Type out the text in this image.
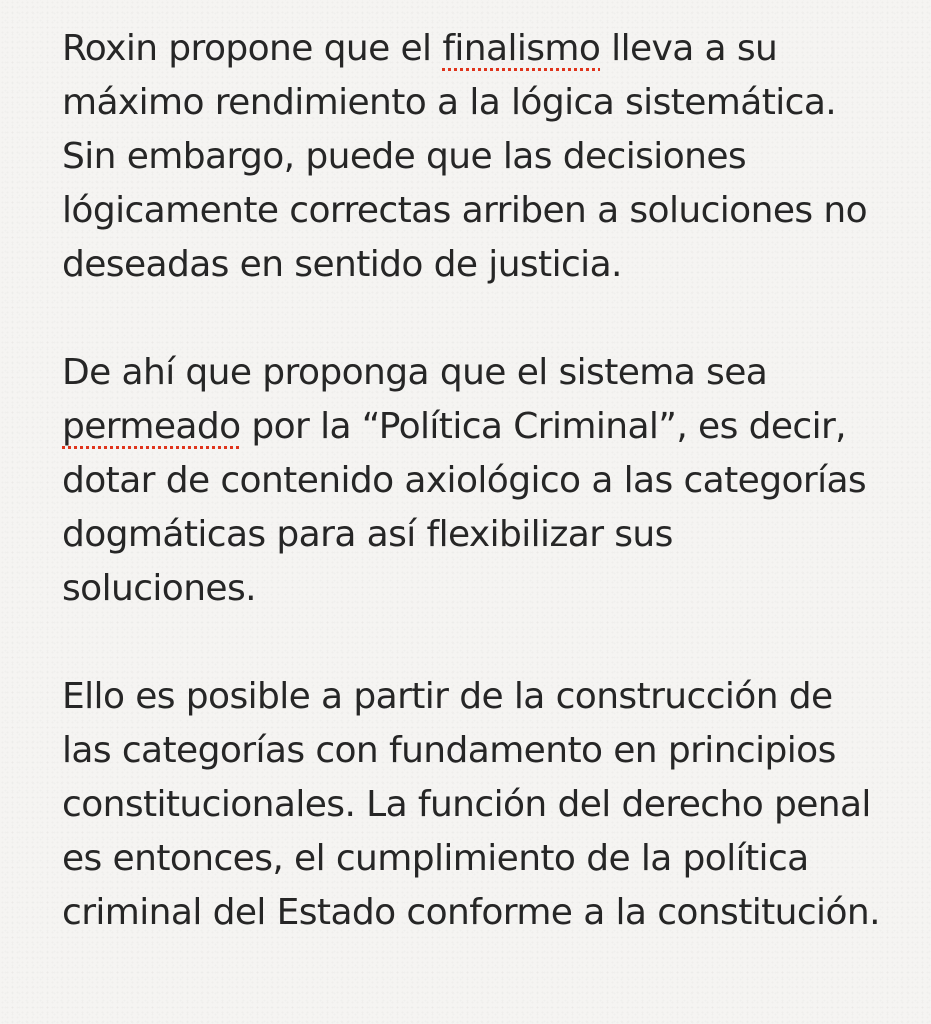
Roxin propone que el finalismo lleva a su
máximo rendimiento a la lógica sistemática.
Sin embargo, puede que las decisiones
lógicamente correctas arriben a soluciones no
deseadas en sentido de justicia.

De ahí que proponga que el sistema sea
permeado por la “Política Criminal”, es decir,
dotar de contenido axiológico a las categorías
dogmáticas para así flexibilizar sus
soluciones.

Ello es posible a partir de la construcción de
las categorías con fundamento en principios
constitucionales. La función del derecho penal
es entonces, el cumplimiento de la política
criminal del Estado conforme a la constitución.
